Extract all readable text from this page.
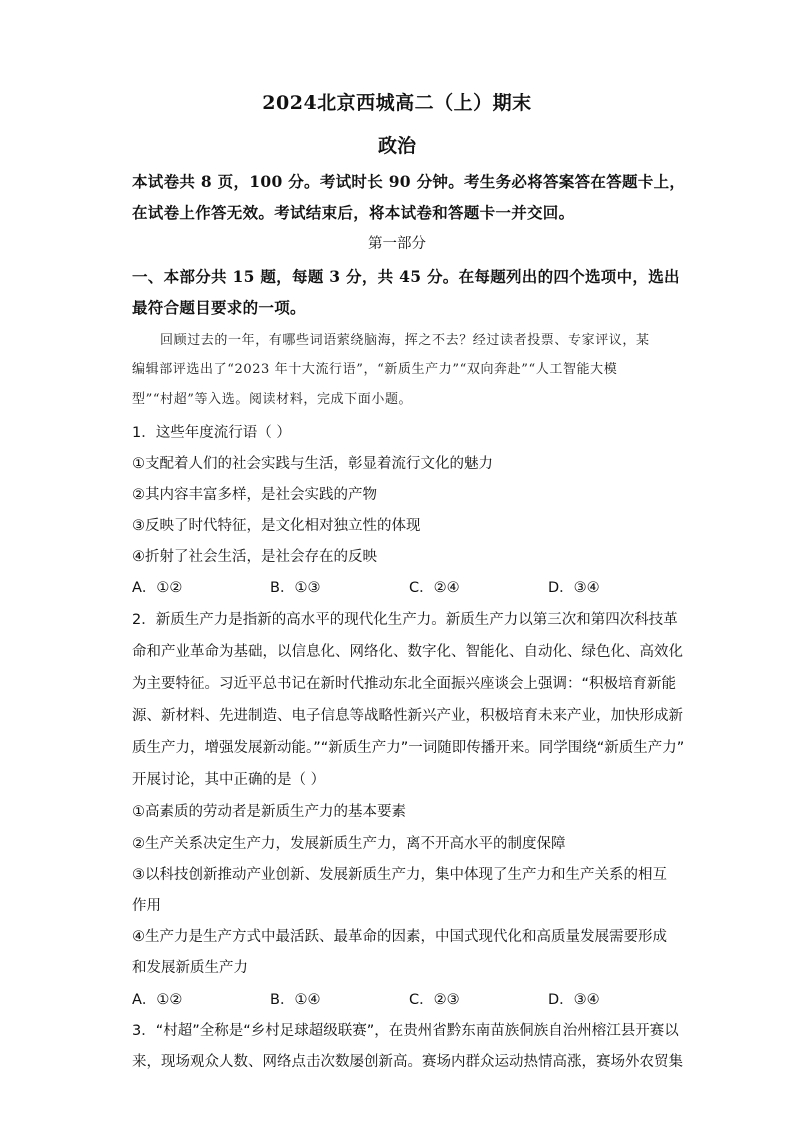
2024北京西城高二（上）期末
政治
本试卷共 8 页，100 分。考试时长 90 分钟。考生务必将答案答在答题卡上，
在试卷上作答无效。考试结束后，将本试卷和答题卡一并交回。
第一部分
一、本部分共 15 题，每题 3 分，共 45 分。在每题列出的四个选项中，选出
最符合题目要求的一项。
回顾过去的一年，有哪些词语萦绕脑海，挥之不去？经过读者投票、专家评议，某
编辑部评选出了“2023 年十大流行语”，“新质生产力”“双向奔赴”“人工智能大模
型”“村超”等入选。阅读材料，完成下面小题。
1．这些年度流行语（ ）
①支配着人们的社会实践与生活，彰显着流行文化的魅力
②其内容丰富多样，是社会实践的产物
③反映了时代特征，是文化相对独立性的体现
④折射了社会生活，是社会存在的反映
A．①②	B．①③	C．②④	D．③④
2．新质生产力是指新的高水平的现代化生产力。新质生产力以第三次和第四次科技革
命和产业革命为基础，以信息化、网络化、数字化、智能化、自动化、绿色化、高效化
为主要特征。习近平总书记在新时代推动东北全面振兴座谈会上强调：“积极培育新能
源、新材料、先进制造、电子信息等战略性新兴产业，积极培育未来产业，加快形成新
质生产力，增强发展新动能。”“新质生产力”一词随即传播开来。同学围绕“新质生产力”
开展讨论，其中正确的是（ ）
①高素质的劳动者是新质生产力的基本要素
②生产关系决定生产力，发展新质生产力，离不开高水平的制度保障
③以科技创新推动产业创新、发展新质生产力，集中体现了生产力和生产关系的相互
作用
④生产力是生产方式中最活跃、最革命的因素，中国式现代化和高质量发展需要形成
和发展新质生产力
A．①②	B．①④	C．②③	D．③④
3．“村超”全称是“乡村足球超级联赛”，在贵州省黔东南苗族侗族自治州榕江县开赛以
来，现场观众人数、网络点击次数屡创新高。赛场内群众运动热情高涨，赛场外农贸集
